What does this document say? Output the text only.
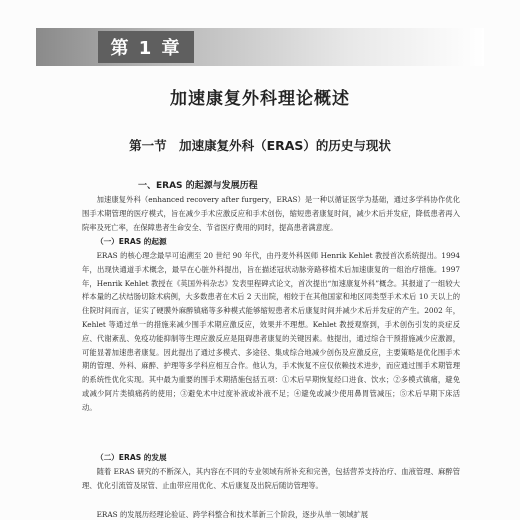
第 1 章
加速康复外科理论概述
第一节　加速康复外科（ERAS）的历史与现状
一、ERAS 的起源与发展历程
加速康复外科（enhanced recovery after furgery，ERAS）是一种以循证医学为基础，通过多学科协作优化围手术期管理的医疗模式，旨在减少手术应激反应和手术创伤，缩短患者康复时间，减少术后并发症，降低患者再入院率及死亡率，在保障患者生命安全、节省医疗费用的同时，提高患者满意度。
（一）ERAS 的起源
ERAS 的核心理念最早可追溯至 20 世纪 90 年代，由丹麦外科医师 Henrik Kehlet 教授首次系统提出。1994 年，出现快通道手术概念，最早在心脏外科提出，旨在描述冠状动脉旁路移植术后加速康复的一组治疗措施。1997 年，Henrik Kehlet 教授在《英国外科杂志》发表里程碑式论文，首次提出“加速康复外科”概念。其报道了一组较大样本量的乙状结肠切除术病例，大多数患者在术后 2 天出院，相较于在其他国家和地区同类型手术术后 10 天以上的住院时间而言，证实了硬膜外麻醉镇痛等多种模式能够缩短患者术后康复时间并减少术后并发症的产生。2002 年，Kehlet 等通过单一的措施来减少围手术期应激反应，效果并不理想。Kehlet 教授观察到，手术创伤引发的炎症反应、代谢紊乱、免疫功能抑制等生理应激反应是阻碍患者康复的关键因素。他提出，通过综合干预措施减少应激源，可能显著加速患者康复。因此提出了通过多模式、多途径、集成综合地减少创伤及应激反应，主要策略是优化围手术期的管理、外科、麻醉、护理等多学科应相互合作。他认为，手术恢复不应仅依赖技术进步，而应通过围手术期管理的系统性优化实现。其中最为重要的围手术期措施包括五项：①术后早期恢复经口进食、饮水；②多模式镇痛，避免或减少阿片类镇痛药的使用；③避免术中过度补液或补液不足；④避免或减少使用鼻胃管减压；⑤术后早期下床活动。
（二）ERAS 的发展
随着 ERAS 研究的不断深入，其内容在不同的专业领域有所补充和完善，包括营养支持治疗、血液管理、麻醉管理、优化引流管及尿管、止血带应用优化、术后康复及出院后随访管理等。
ERAS 的发展历经理论验证、跨学科整合和技术革新三个阶段，逐步从单一领域扩展
